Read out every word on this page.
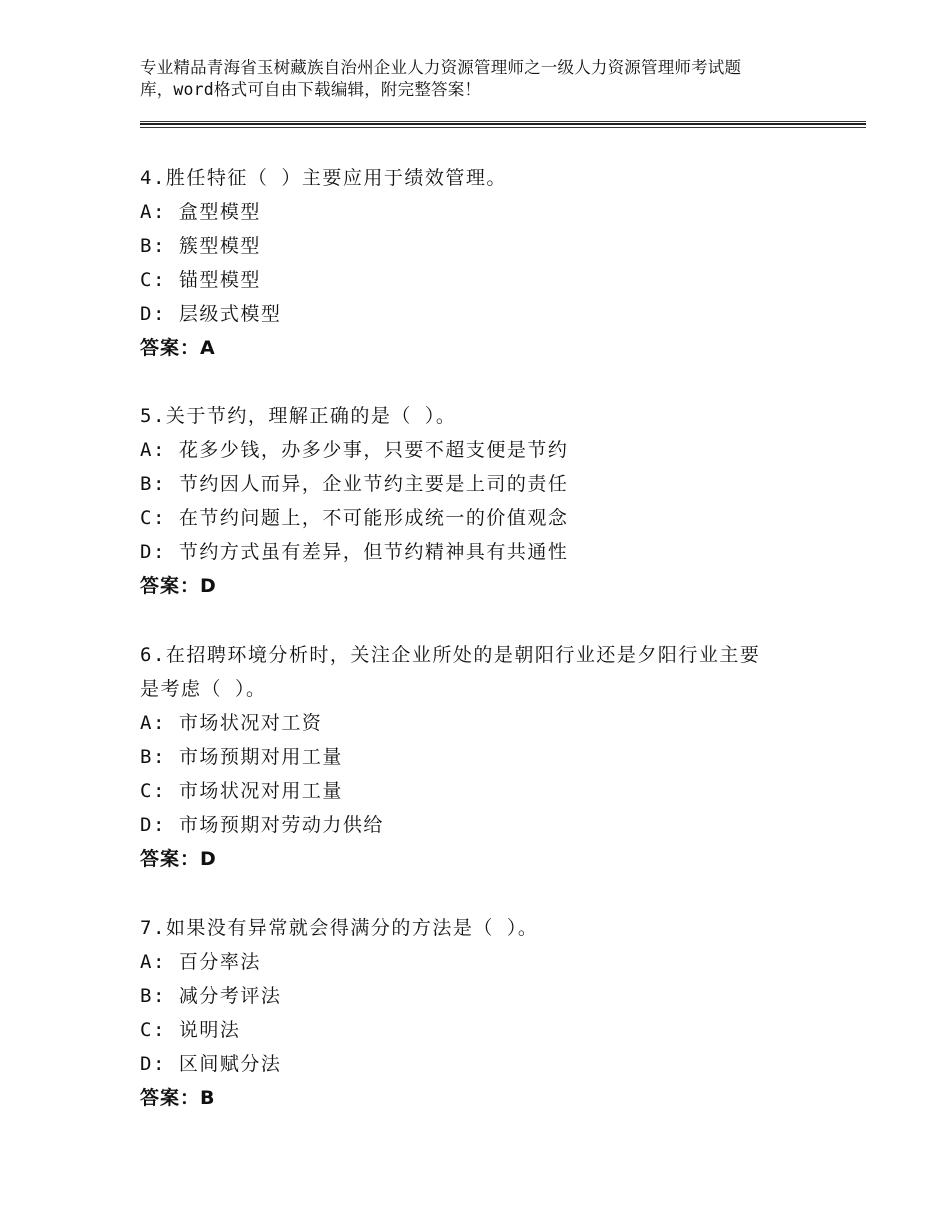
专业精品青海省玉树藏族自治州企业人力资源管理师之一级人力资源管理师考试题
库，word格式可自由下载编辑，附完整答案！
4.胜任特征（ ）主要应用于绩效管理。
A: 盒型模型
B: 簇型模型
C: 锚型模型
D: 层级式模型
答案：A
5.关于节约，理解正确的是（ ）。
A: 花多少钱，办多少事，只要不超支便是节约
B: 节约因人而异，企业节约主要是上司的责任
C: 在节约问题上，不可能形成统一的价值观念
D: 节约方式虽有差异，但节约精神具有共通性
答案：D
6.在招聘环境分析时，关注企业所处的是朝阳行业还是夕阳行业主要
是考虑（ ）。
A: 市场状况对工资
B: 市场预期对用工量
C: 市场状况对用工量
D: 市场预期对劳动力供给
答案：D
7.如果没有异常就会得满分的方法是（ ）。
A: 百分率法
B: 减分考评法
C: 说明法
D: 区间赋分法
答案：B
